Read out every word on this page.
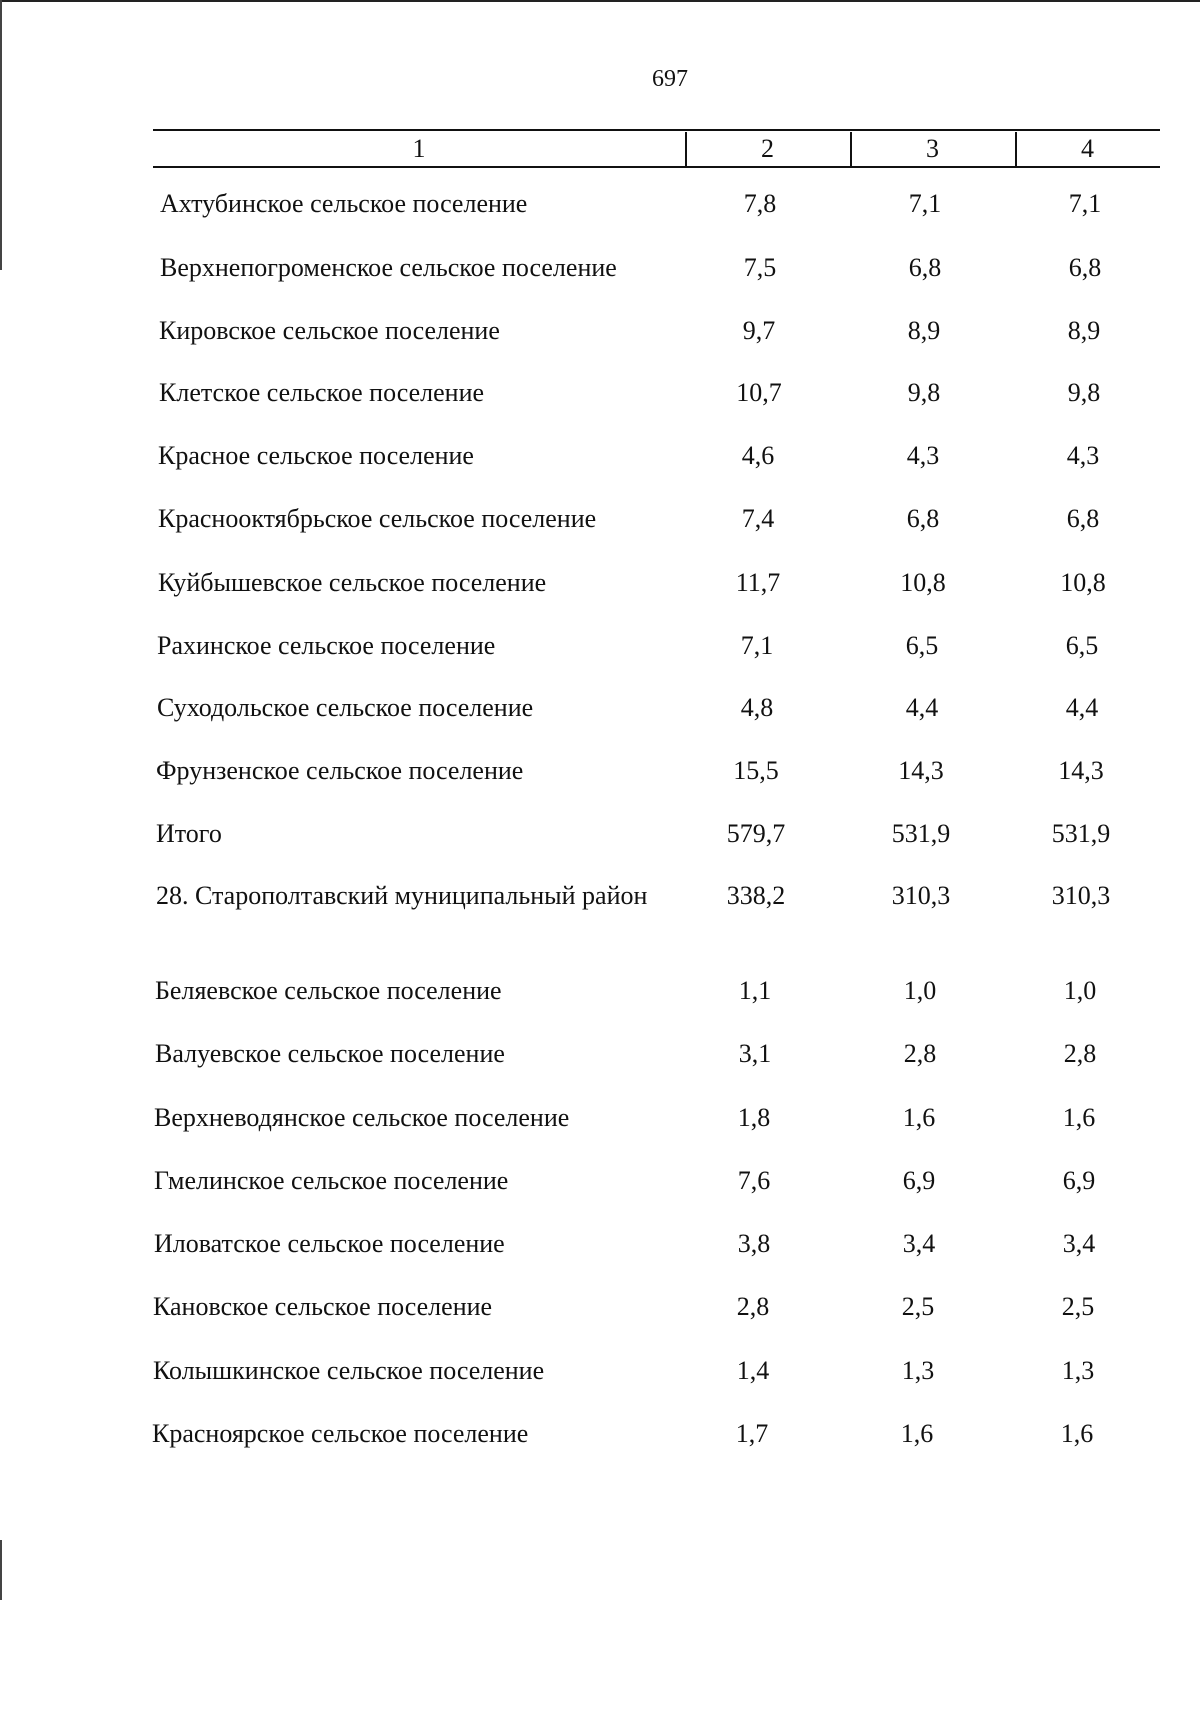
697
1	2	3	4
Ахтубинское сельское поселение	7,8	7,1	7,1
Верхнепогроменское сельское поселение	7,5	6,8	6,8
Кировское сельское поселение	9,7	8,9	8,9
Клетское сельское поселение	10,7	9,8	9,8
Красное сельское поселение	4,6	4,3	4,3
Краснооктябрьское сельское поселение	7,4	6,8	6,8
Куйбышевское сельское поселение	11,7	10,8	10,8
Рахинское сельское поселение	7,1	6,5	6,5
Суходольское сельское поселение	4,8	4,4	4,4
Фрунзенское сельское поселение	15,5	14,3	14,3
Итого	579,7	531,9	531,9
28. Старополтавский муниципальный район	338,2	310,3	310,3
Беляевское сельское поселение	1,1	1,0	1,0
Валуевское сельское поселение	3,1	2,8	2,8
Верхневодянское сельское поселение	1,8	1,6	1,6
Гмелинское сельское поселение	7,6	6,9	6,9
Иловатское сельское поселение	3,8	3,4	3,4
Кановское сельское поселение	2,8	2,5	2,5
Колышкинское сельское поселение	1,4	1,3	1,3
Красноярское сельское поселение	1,7	1,6	1,6
